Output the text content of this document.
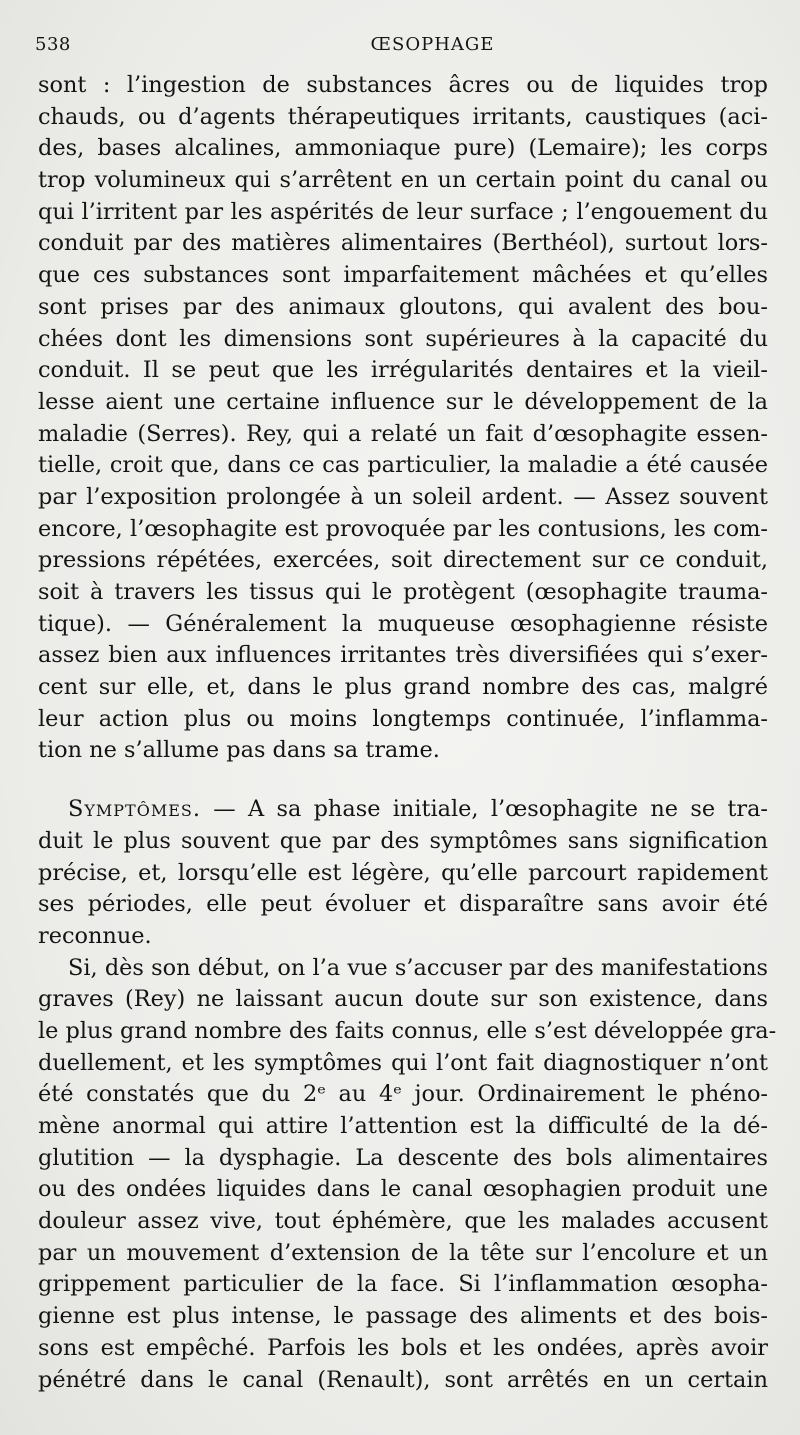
538	ŒSOPHAGE
sont : l’ingestion de substances âcres ou de liquides trop
chauds, ou d’agents thérapeutiques irritants, caustiques (aci-
des, bases alcalines, ammoniaque pure) (Lemaire); les corps
trop volumineux qui s’arrêtent en un certain point du canal ou
qui l’irritent par les aspérités de leur surface ; l’engouement du
conduit par des matières alimentaires (Berthéol), surtout lors-
que ces substances sont imparfaitement mâchées et qu’elles
sont prises par des animaux gloutons, qui avalent des bou-
chées dont les dimensions sont supérieures à la capacité du
conduit. Il se peut que les irrégularités dentaires et la vieil-
lesse aient une certaine influence sur le développement de la
maladie (Serres). Rey, qui a relaté un fait d’œsophagite essen-
tielle, croit que, dans ce cas particulier, la maladie a été causée
par l’exposition prolongée à un soleil ardent. — Assez souvent
encore, l’œsophagite est provoquée par les contusions, les com-
pressions répétées, exercées, soit directement sur ce conduit,
soit à travers les tissus qui le protègent (œsophagite trauma-
tique). — Généralement la muqueuse œsophagienne résiste
assez bien aux influences irritantes très diversifiées qui s’exer-
cent sur elle, et, dans le plus grand nombre des cas, malgré
leur action plus ou moins longtemps continuée, l’inflamma-
tion ne s’allume pas dans sa trame.
Symptômes. — A sa phase initiale, l’œsophagite ne se tra-
duit le plus souvent que par des symptômes sans signification
précise, et, lorsqu’elle est légère, qu’elle parcourt rapidement
ses périodes, elle peut évoluer et disparaître sans avoir été
reconnue.
Si, dès son début, on l’a vue s’accuser par des manifestations
graves (Rey) ne laissant aucun doute sur son existence, dans
le plus grand nombre des faits connus, elle s’est développée gra-
duellement, et les symptômes qui l’ont fait diagnostiquer n’ont
été constatés que du 2ᵉ au 4ᵉ jour. Ordinairement le phéno-
mène anormal qui attire l’attention est la difficulté de la dé-
glutition — la dysphagie. La descente des bols alimentaires
ou des ondées liquides dans le canal œsophagien produit une
douleur assez vive, tout éphémère, que les malades accusent
par un mouvement d’extension de la tête sur l’encolure et un
grippement particulier de la face. Si l’inflammation œsopha-
gienne est plus intense, le passage des aliments et des bois-
sons est empêché. Parfois les bols et les ondées, après avoir
pénétré dans le canal (Renault), sont arrêtés en un certain
